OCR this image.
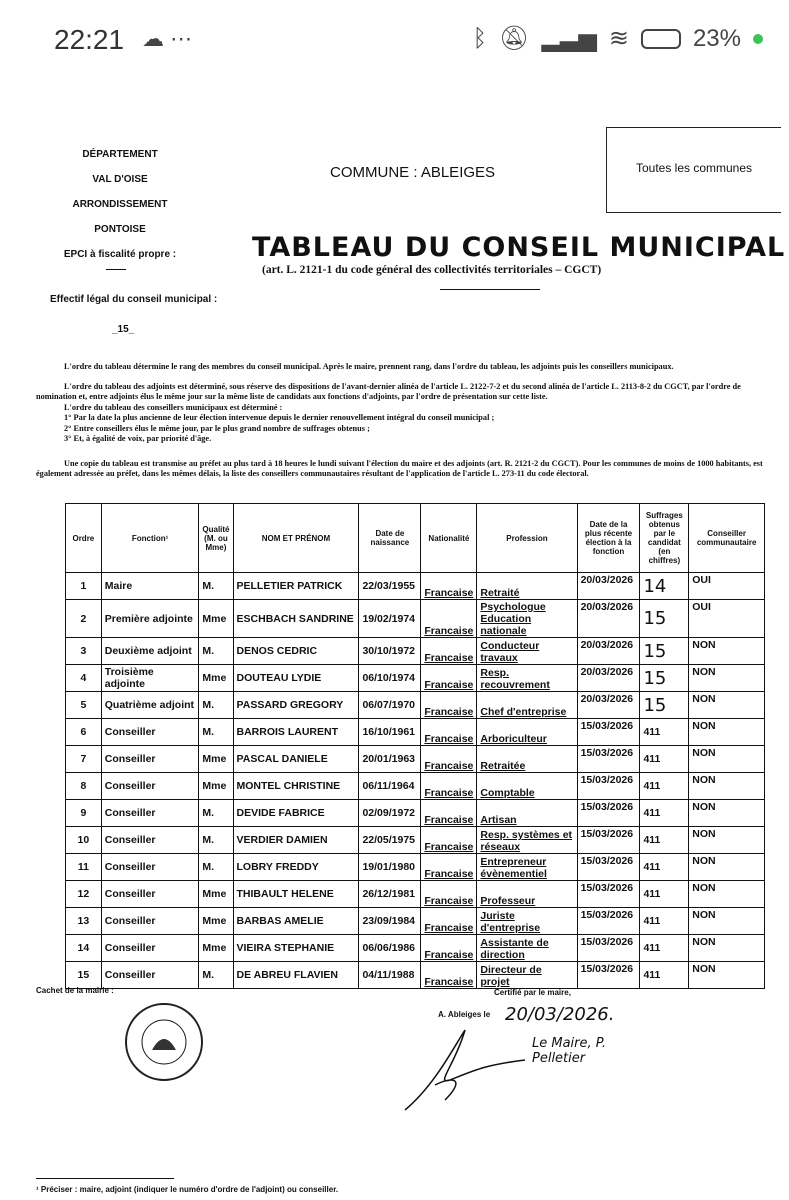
22:21 ☁ ⋯	ᛒ 🔕︎ ▂▃▅ ≋	23%
DÉPARTEMENT
VAL D'OISE
ARRONDISSEMENT
PONTOISE
EPCI à fiscalité propre :
——
COMMUNE : ABLEIGES	Toutes les communes
TABLEAU DU CONSEIL MUNICIPAL
(art. L. 2121-1 du code général des collectivités territoriales – CGCT)
Effectif légal du conseil municipal :
_15_

L'ordre du tableau détermine le rang des membres du conseil municipal. Après le maire, prennent rang, dans l'ordre du tableau, les adjoints puis les conseillers municipaux.

L'ordre du tableau des adjoints est déterminé, sous réserve des dispositions de l'avant-dernier alinéa de l'article L. 2122-7-2 et du second alinéa de l'article L. 2113-8-2 du CGCT, par l'ordre de nomination et, entre adjoints élus le même jour sur la même liste de candidats aux fonctions d'adjoints, par l'ordre de présentation sur cette liste.

L'ordre du tableau des conseillers municipaux est déterminé :

1° Par la date la plus ancienne de leur élection intervenue depuis le dernier renouvellement intégral du conseil municipal ;

2° Entre conseillers élus le même jour, par le plus grand nombre de suffrages obtenus ;

3° Et, à égalité de voix, par priorité d'âge.

Une copie du tableau est transmise au préfet au plus tard à 18 heures le lundi suivant l'élection du maire et des adjoints (art. R. 2121-2 du CGCT). Pour les communes de moins de 1000 habitants, est également adressée au préfet, dans les mêmes délais, la liste des conseillers communautaires résultant de l'application de l'article L. 273-11 du code électoral.

Ordre	Fonction¹	Qualité (M. ou Mme)	NOM ET PRÉNOM	Date de naissance	Nationalité	Profession	Date de la plus récente élection à la fonction	Suffrages obtenus par le candidat (en chiffres)	Conseiller communautaire
1	Maire	M.	PELLETIER PATRICK	22/03/1955	Francaise	Retraité	20/03/2026	14	OUI
2	Première adjointe	Mme	ESCHBACH SANDRINE	19/02/1974	Francaise	Psychologue Education nationale	20/03/2026	15	OUI
3	Deuxième adjoint	M.	DENOS CEDRIC	30/10/1972	Francaise	Conducteur travaux	20/03/2026	15	NON
4	Troisième adjointe	Mme	DOUTEAU LYDIE	06/10/1974	Francaise	Resp. recouvrement	20/03/2026	15	NON
5	Quatrième adjoint	M.	PASSARD GREGORY	06/07/1970	Francaise	Chef d'entreprise	20/03/2026	15	NON
6	Conseiller	M.	BARROIS LAURENT	16/10/1961	Francaise	Arboriculteur	15/03/2026	411	NON
7	Conseiller	Mme	PASCAL DANIELE	20/01/1963	Francaise	Retraitée	15/03/2026	411	NON
8	Conseiller	Mme	MONTEL CHRISTINE	06/11/1964	Francaise	Comptable	15/03/2026	411	NON
9	Conseiller	M.	DEVIDE FABRICE	02/09/1972	Francaise	Artisan	15/03/2026	411	NON
10	Conseiller	M.	VERDIER DAMIEN	22/05/1975	Francaise	Resp. systèmes et réseaux	15/03/2026	411	NON
11	Conseiller	M.	LOBRY FREDDY	19/01/1980	Francaise	Entrepreneur évènementiel	15/03/2026	411	NON
12	Conseiller	Mme	THIBAULT HELENE	26/12/1981	Francaise	Professeur	15/03/2026	411	NON
13	Conseiller	Mme	BARBAS AMELIE	23/09/1984	Francaise	Juriste d'entreprise	15/03/2026	411	NON
14	Conseiller	Mme	VIEIRA STEPHANIE	06/06/1986	Francaise	Assistante de direction	15/03/2026	411	NON
15	Conseiller	M.	DE ABREU FLAVIEN	04/11/1988	Francaise	Directeur de projet	15/03/2026	411	NON
Cachet de la mairie :	Certifié par le maire,
A. Ableiges le 20/03/2026.
Le Maire, P. Pelletier
¹ Préciser : maire, adjoint (indiquer le numéro d'ordre de l'adjoint) ou conseiller.
